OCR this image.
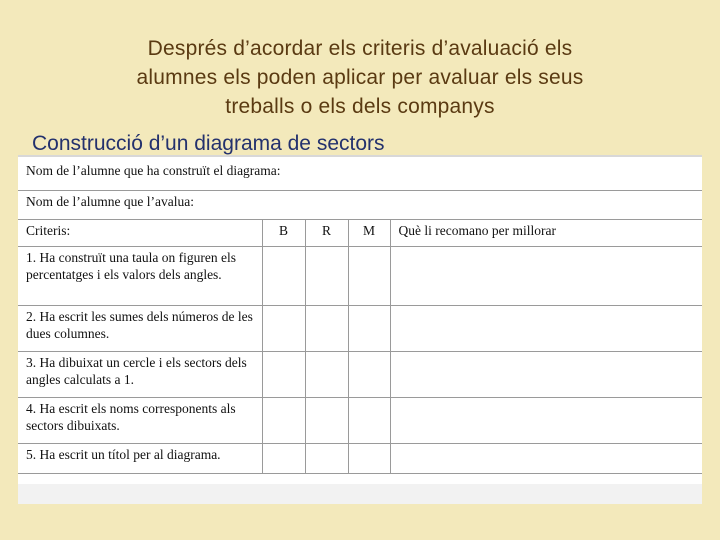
Després d’acordar els criteris d’avaluació els
alumnes els poden aplicar per avaluar els seus
treballs o els dels companys
Construcció d’un diagrama de sectors
Nom de l’alumne que ha construït el diagrama:				
Nom de l’alumne que l’avalua:				
Criteris:	B	R	M	Què li recomano per millorar
1. Ha construït una taula on figuren els percentatges i els valors dels angles.				
2. Ha escrit les sumes dels números de les dues columnes.				
3. Ha dibuixat un cercle i els sectors dels angles calculats a 1.				
4. Ha escrit els noms corresponents als sectors dibuixats.				
5. Ha escrit un títol per al diagrama.				
